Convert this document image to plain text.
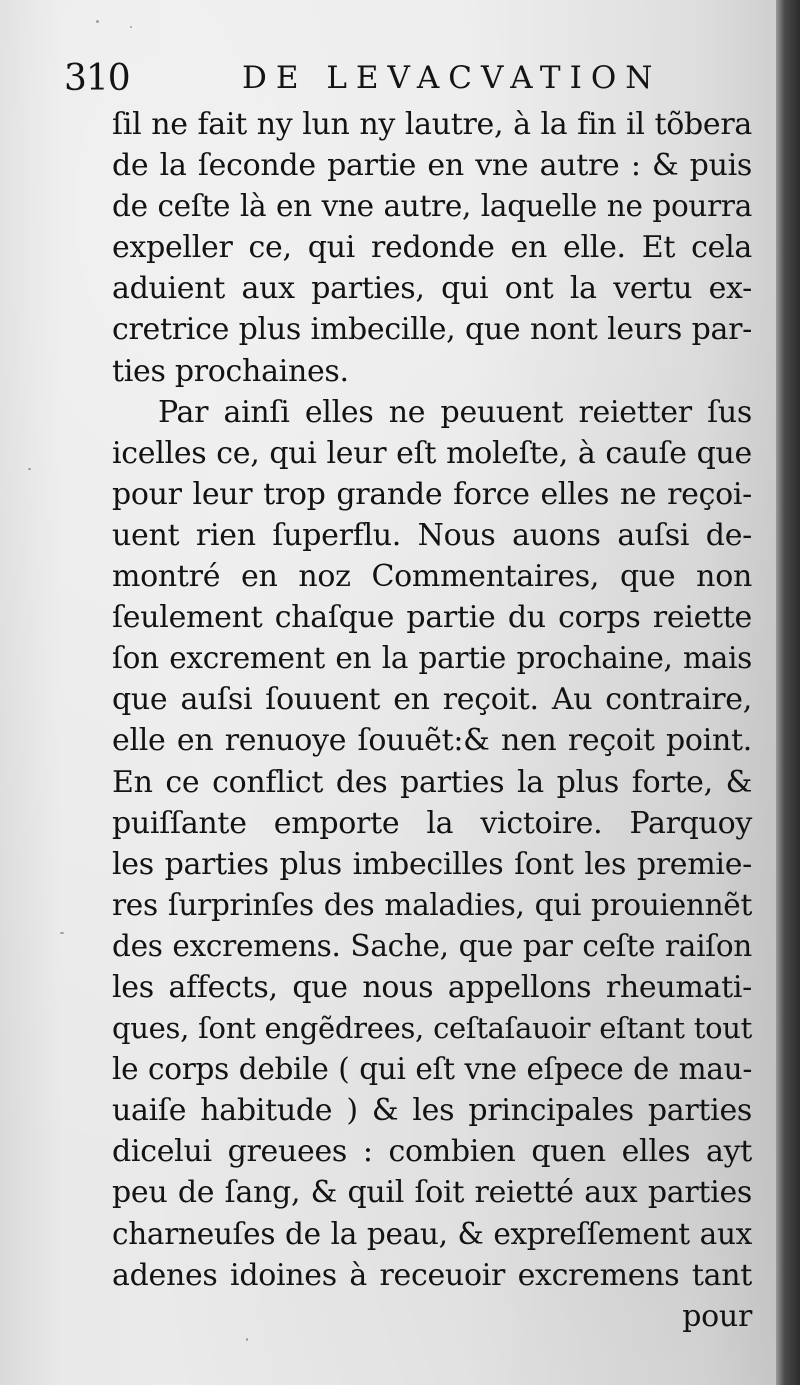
310	DE LEVACVATION
ſil ne fait ny lun ny lautre, à la fin il tõbera
de la ſeconde partie en vne autre : & puis
de ceſte là en vne autre, laquelle ne pourra
expeller ce, qui redonde en elle. Et cela
aduient aux parties, qui ont la vertu ex-
cretrice plus imbecille, que nont leurs par-
ties prochaines.
Par ainſi elles ne peuuent reietter ſus
icelles ce, qui leur eſt moleſte, à cauſe que
pour leur trop grande force elles ne reçoi-
uent rien ſuperflu. Nous auons auſsi de-
montré en noz Commentaires, que non
ſeulement chaſque partie du corps reiette
ſon excrement en la partie prochaine, mais
que auſsi ſouuent en reçoit. Au contraire,
elle en renuoye ſouuẽt:& nen reçoit point.
En ce conflict des parties la plus forte, &
puiſſante emporte la victoire. Parquoy
les parties plus imbecilles ſont les premie-
res ſurprinſes des maladies, qui prouiennẽt
des excremens. Sache, que par ceſte raiſon
les affects, que nous appellons rheumati-
ques, ſont engẽdrees, ceſtaſauoir eſtant tout
le corps debile ( qui eſt vne eſpece de mau-
uaiſe habitude ) & les principales parties
dicelui greuees : combien quen elles ayt
peu de ſang, & quil ſoit reietté aux parties
charneuſes de la peau, & expreſſement aux
adenes idoines à receuoir excremens tant
pour
